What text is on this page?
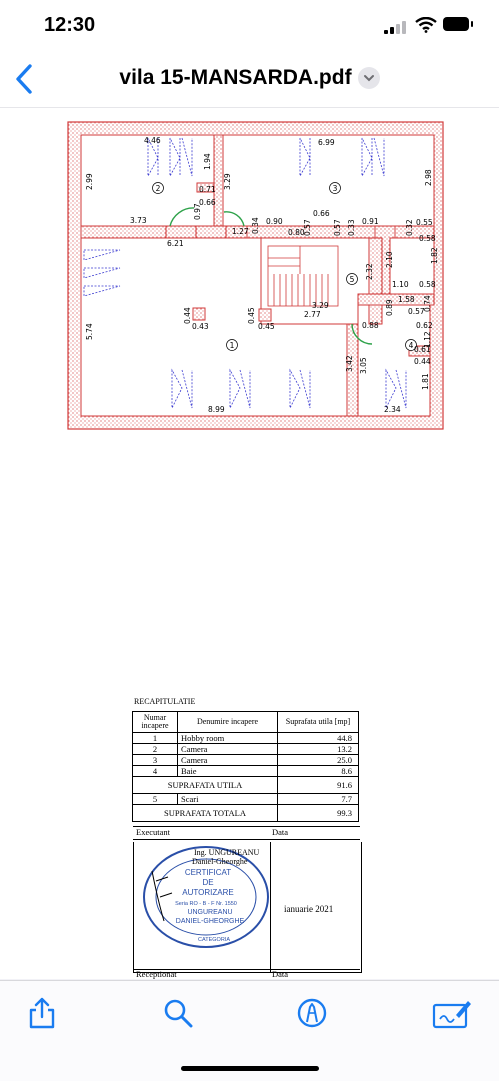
12:30
vila 15-MANSARDA.pdf
2	3
1	4
5
4.46
1.94
6.99
2.99	0.71
0.66
0.97
3.29	2.98
3.73
6.21
1.27 0.34 0.90
0.80
0.66
0.57	0.57 0.33 0.91	0.32 0.55
0.58
2.10
2.32
1.82
1.10 0.58
1.58 0.74
0.57
0.89
0.62
1.12
5.74
0.44
0.43
0.45
0.45
3.29
2.77
0.88
0.61
0.44
3.42 3.05
1.81
2.34
8.99
RECAPITULATIE
Numar incapere	Denumire incapere	Suprafata utila [mp]
1	Hobby room	44.8
2	Camera	13.2
3	Camera	25.0
4	Baie	8.6
SUPRAFATA UTILA		91.6
5	Scari	7.7
SUPRAFATA TOTALA		99.3
Executant	Data
ianuarie 2021
Ing. UNGUREANU
Daniel-Gheorghe
CERTIFICAT
DE
AUTORIZARE
Seria RO - B - F Nr. 1550
UNGUREANU
DANIEL-GHEORGHE
CATEGORIA
Receptionat	Data
